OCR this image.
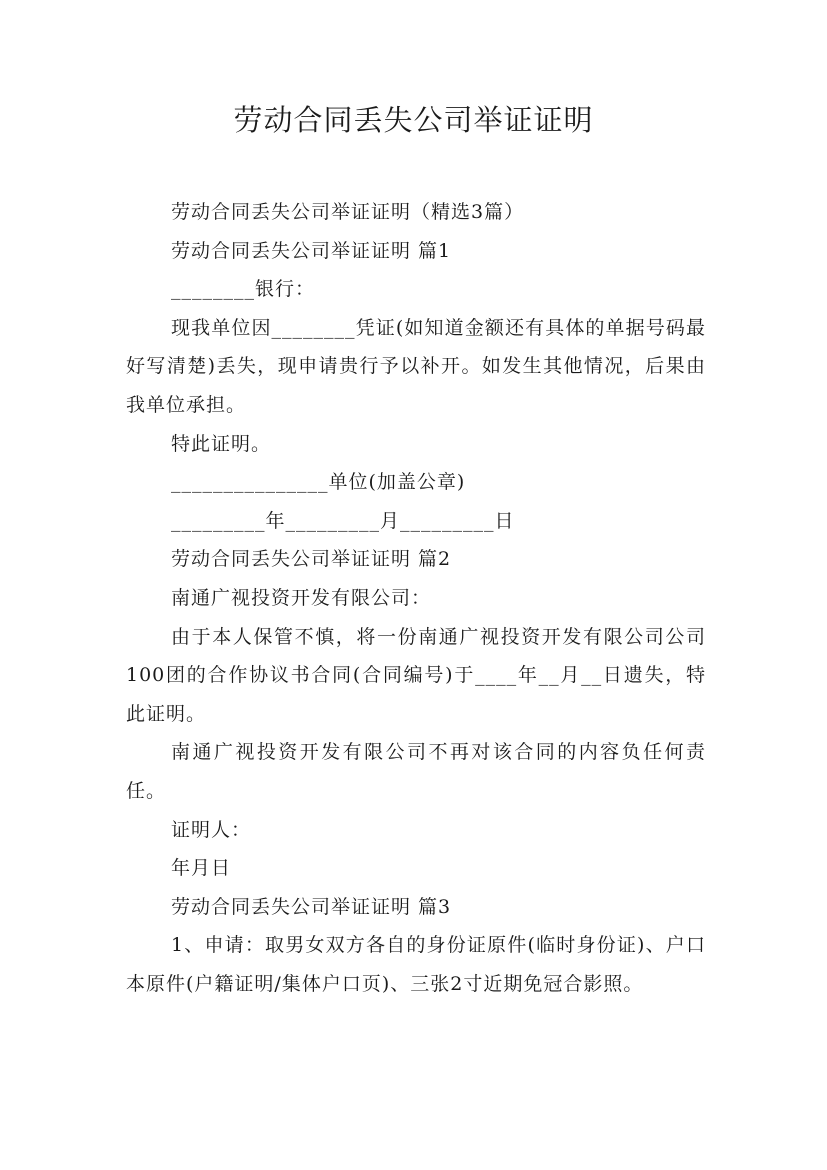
劳动合同丢失公司举证证明

劳动合同丢失公司举证证明（精选3篇）

劳动合同丢失公司举证证明 篇1

________银行：

现我单位因________凭证(如知道金额还有具体的单据号码最好写清楚)丢失，现申请贵行予以补开。如发生其他情况，后果由我单位承担。

特此证明。

_______________单位(加盖公章)

_________年_________月_________日

劳动合同丢失公司举证证明 篇2

南通广视投资开发有限公司：

由于本人保管不慎，将一份南通广视投资开发有限公司公司100团的合作协议书合同(合同编号)于____年__月__日遗失，特此证明。

南通广视投资开发有限公司不再对该合同的内容负任何责任。

证明人：

年月日

劳动合同丢失公司举证证明 篇3

1、申请：取男女双方各自的身份证原件(临时身份证)、户口本原件(户籍证明/集体户口页)、三张2寸近期免冠合影照。
